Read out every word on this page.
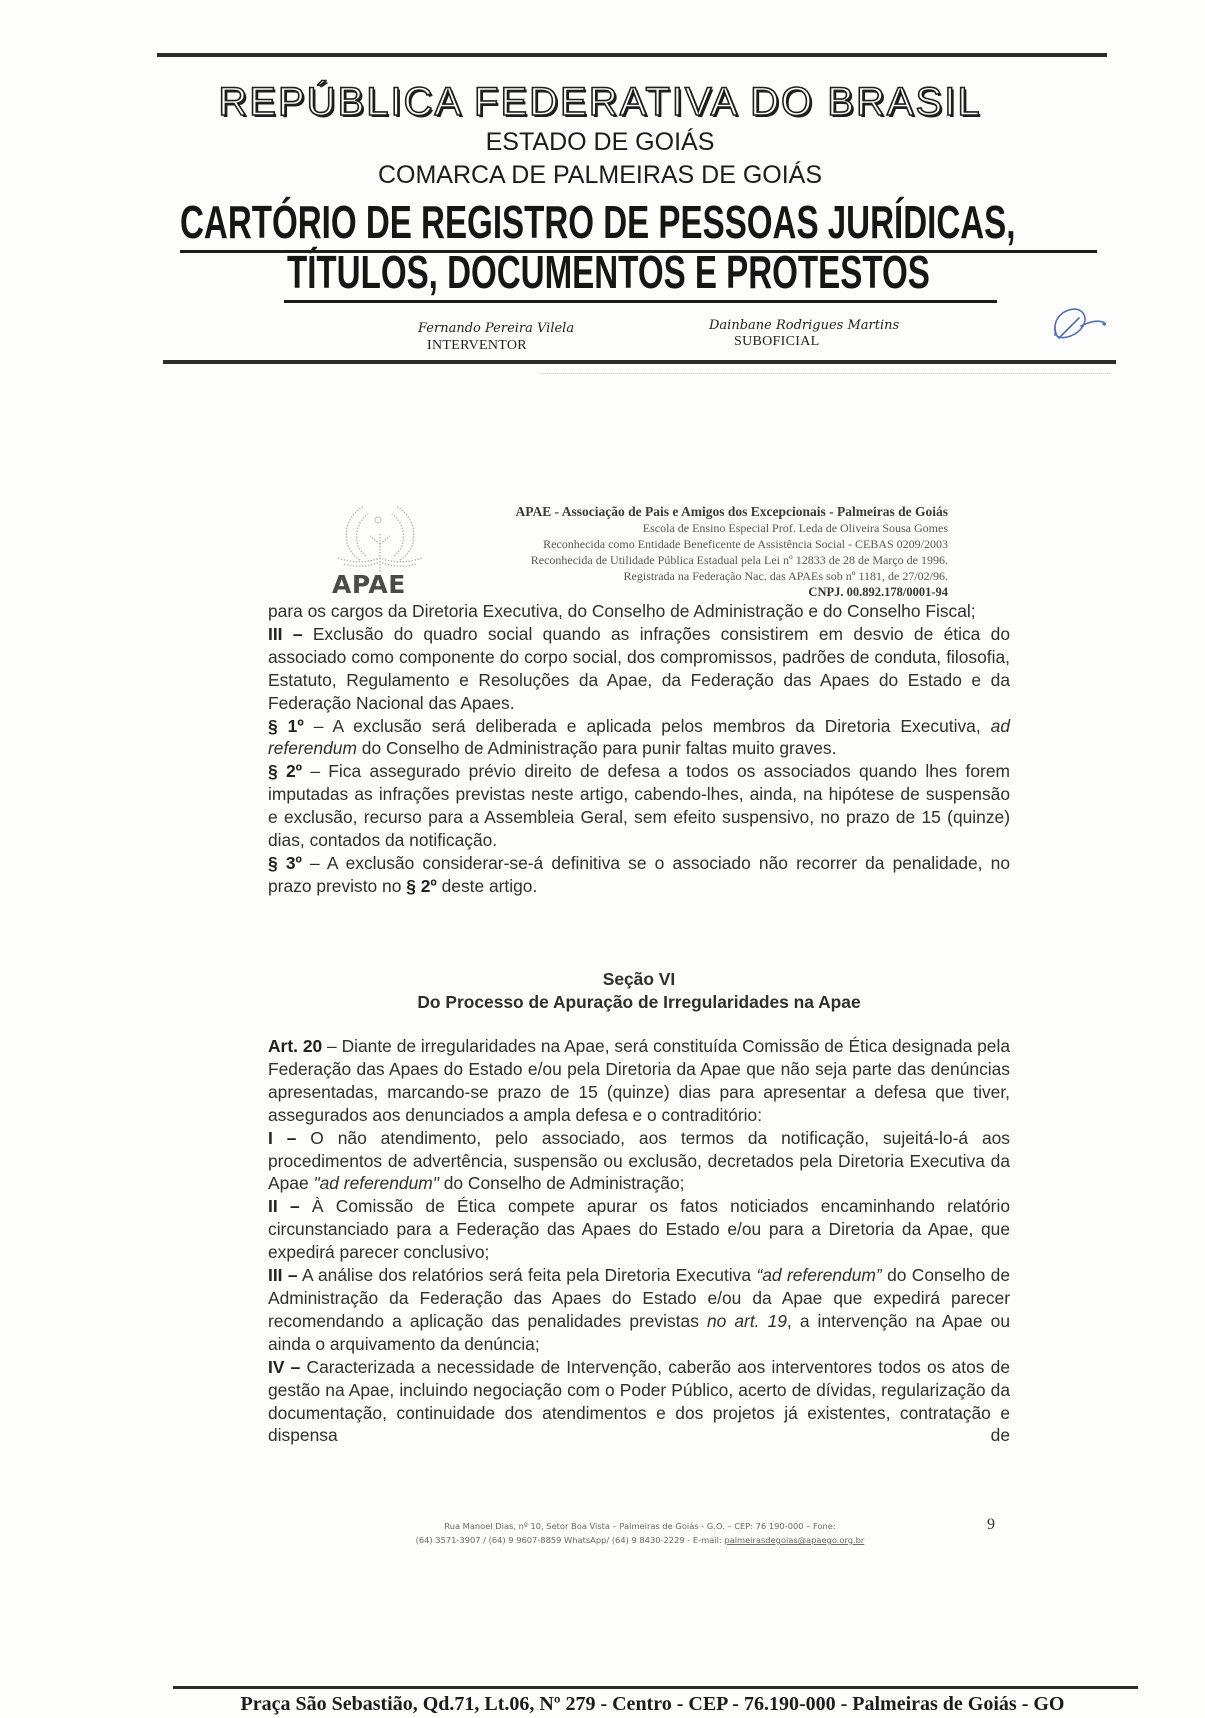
REPÚBLICA FEDERATIVA DO BRASIL
ESTADO DE GOIÁS
COMARCA DE PALMEIRAS DE GOIÁS
CARTÓRIO DE REGISTRO DE PESSOAS JURÍDICAS,
TÍTULOS, DOCUMENTOS E PROTESTOS
Fernando Pereira Vilela
INTERVENTOR
Dainbane Rodrigues Martins
SUBOFICIAL
APAE
APAE - Associação de Pais e Amigos dos Excepcionais - Palmeiras de Goiás
Escola de Ensino Especial Prof. Leda de Oliveira Sousa Gomes
Reconhecida como Entidade Beneficente de Assistência Social - CEBAS 0209/2003
Reconhecida de Utilidade Pública Estadual pela Lei nº 12833 de 28 de Março de 1996.
Registrada na Federação Nac. das APAEs sob nº 1181, de 27/02/96.
CNPJ. 00.892.178/0001-94

para os cargos da Diretoria Executiva, do Conselho de Administração e do Conselho Fiscal;

III – Exclusão do quadro social quando as infrações consistirem em desvio de ética do associado como componente do corpo social, dos compromissos, padrões de conduta, filosofia, Estatuto, Regulamento e Resoluções da Apae, da Federação das Apaes do Estado e da Federação Nacional das Apaes.

§ 1º – A exclusão será deliberada e aplicada pelos membros da Diretoria Executiva, ad referendum do Conselho de Administração para punir faltas muito graves.

§ 2º – Fica assegurado prévio direito de defesa a todos os associados quando lhes forem imputadas as infrações previstas neste artigo, cabendo-lhes, ainda, na hipótese de suspensão e exclusão, recurso para a Assembleia Geral, sem efeito suspensivo, no prazo de 15 (quinze) dias, contados da notificação.

§ 3º – A exclusão considerar-se-á definitiva se o associado não recorrer da penalidade, no prazo previsto no § 2º deste artigo.

Seção VI
Do Processo de Apuração de Irregularidades na Apae

Art. 20 – Diante de irregularidades na Apae, será constituída Comissão de Ética designada pela Federação das Apaes do Estado e/ou pela Diretoria da Apae que não seja parte das denúncias apresentadas, marcando-se prazo de 15 (quinze) dias para apresentar a defesa que tiver, assegurados aos denunciados a ampla defesa e o contraditório:

I – O não atendimento, pelo associado, aos termos da notificação, sujeitá-lo-á aos procedimentos de advertência, suspensão ou exclusão, decretados pela Diretoria Executiva da Apae "ad referendum" do Conselho de Administração;

II – À Comissão de Ética compete apurar os fatos noticiados encaminhando relatório circunstanciado para a Federação das Apaes do Estado e/ou para a Diretoria da Apae, que expedirá parecer conclusivo;

III – A análise dos relatórios será feita pela Diretoria Executiva “ad referendum” do Conselho de Administração da Federação das Apaes do Estado e/ou da Apae que expedirá parecer recomendando a aplicação das penalidades previstas no art. 19, a intervenção na Apae ou ainda o arquivamento da denúncia;

IV – Caracterizada a necessidade de Intervenção, caberão aos interventores todos os atos de gestão na Apae, incluindo negociação com o Poder Público, acerto de dívidas, regularização da documentação, continuidade dos atendimentos e dos projetos já existentes, contratação e dispensa de

9
Rua Manoel Dias, nº 10, Setor Boa Vista – Palmeiras de Goiás - G.O. – CEP: 76 190-000 – Fone:
(64) 3571-3907 / (64) 9 9607-8859 WhatsApp/ (64) 9 8430-2229 - E-mail: palmeirasdegoias@apaego.org.br
Praça São Sebastião, Qd.71, Lt.06, Nº 279 - Centro - CEP - 76.190-000 - Palmeiras de Goiás - GO
